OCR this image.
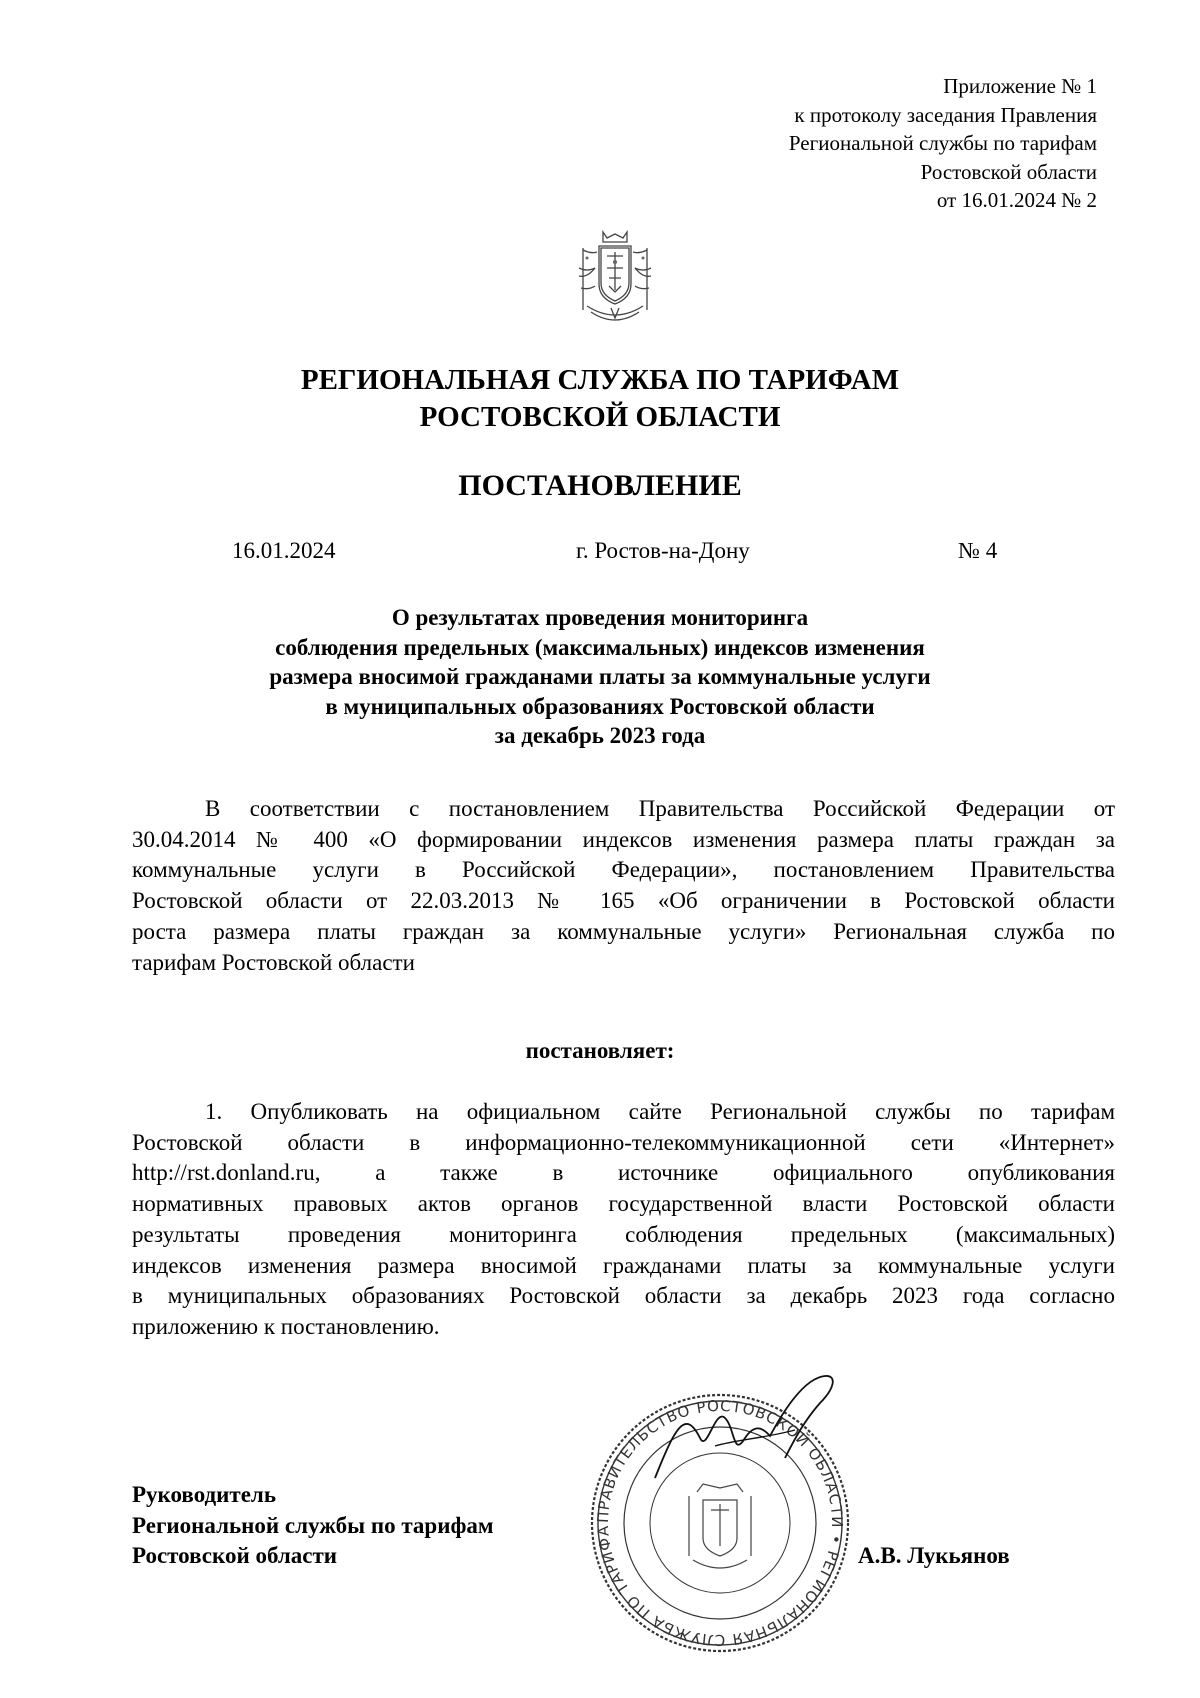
Приложение № 1
к протоколу заседания Правления
Региональной службы по тарифам
Ростовской области
от 16.01.2024 № 2
РЕГИОНАЛЬНАЯ СЛУЖБА ПО ТАРИФАМ
РОСТОВСКОЙ ОБЛАСТИ
ПОСТАНОВЛЕНИЕ
16.01.2024	г. Ростов-на-Дону	№ 4
О результатах проведения мониторинга
соблюдения предельных (максимальных) индексов изменения
размера вносимой гражданами платы за коммунальные услуги
в муниципальных образованиях Ростовской области
за декабрь 2023 года
В соответствии с постановлением Правительства Российской Федерации от
30.04.2014 № 400 «О формировании индексов изменения размера платы граждан за
коммунальные услуги в Российской Федерации», постановлением Правительства
Ростовской области от 22.03.2013 № 165 «Об ограничении в Ростовской области
роста размера платы граждан за коммунальные услуги» Региональная служба по
тарифам Ростовской области
постановляет:
1. Опубликовать на официальном сайте Региональной службы по тарифам
Ростовской области в информационно-телекоммуникационной сети «Интернет»
http://rst.donland.ru, а также в источнике официального опубликования
нормативных правовых актов органов государственной власти Ростовской области
результаты проведения мониторинга соблюдения предельных (максимальных)
индексов изменения размера вносимой гражданами платы за коммунальные услуги
в муниципальных образованиях Ростовской области за декабрь 2023 года согласно
приложению к постановлению.
Руководитель
Региональной службы по тарифам
Ростовской области
ПРАВИТЕЛЬСТВО РОСТОВСКОЙ ОБЛАСТИ • РЕГИОНАЛЬНАЯ СЛУЖБА ПО ТАРИФА
А.В. Лукьянов
